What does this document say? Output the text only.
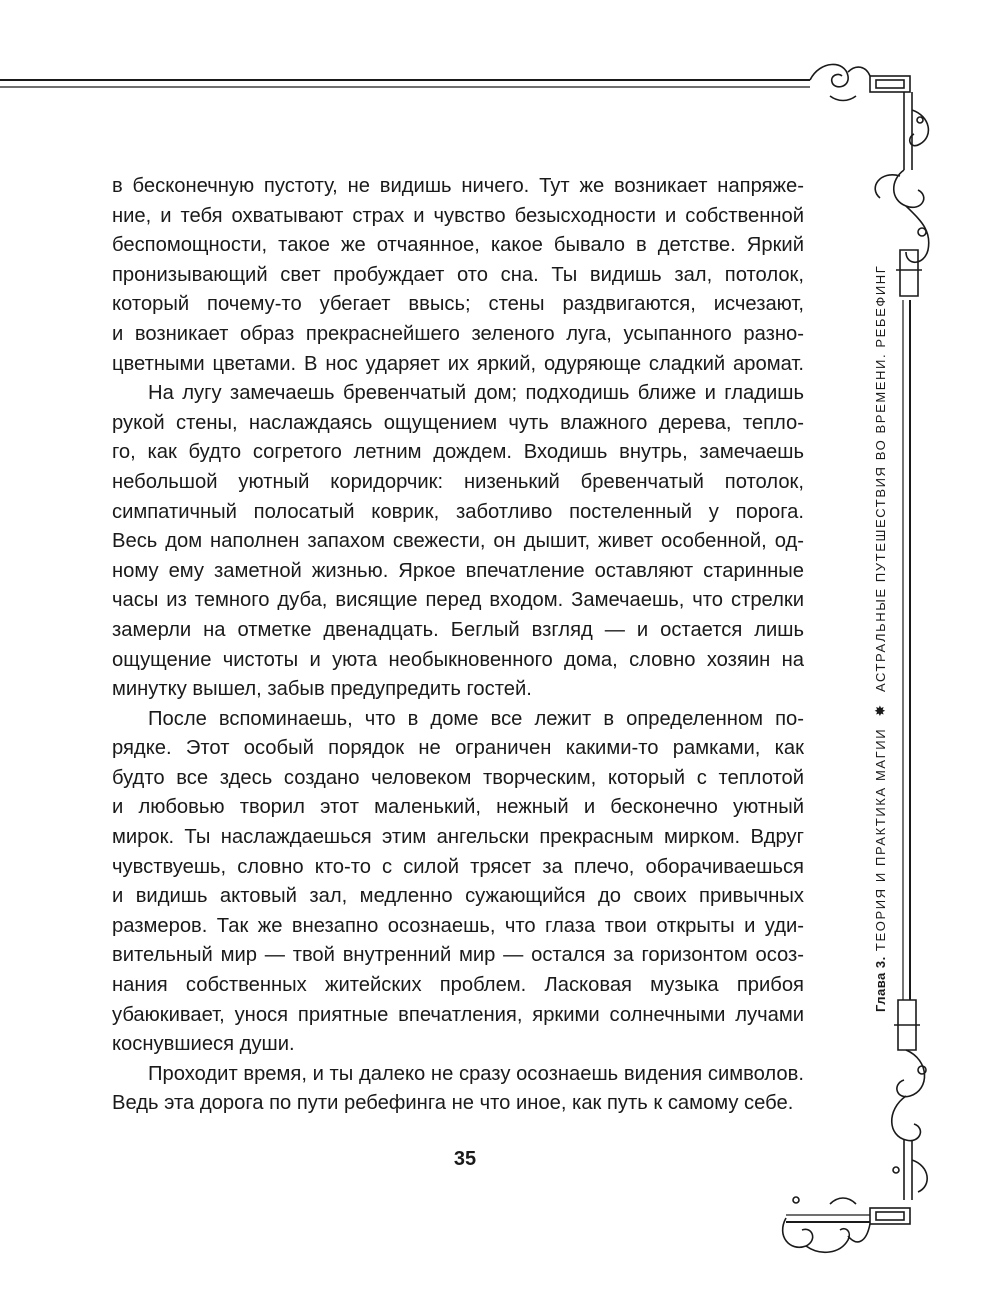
Глава 3. ТЕОРИЯ И ПРАКТИКА МАГИИ ✸ АСТРАЛЬНЫЕ ПУТЕШЕСТВИЯ ВО ВРЕМЕНИ. РЕБЕФИНГ

в бесконечную пустоту, не видишь ничего. Тут же возникает напряже-
ние, и тебя охватывают страх и чувство безысходности и собственной
беспомощности, такое же отчаянное, какое бывало в детстве. Яркий
пронизывающий свет пробуждает ото сна. Ты видишь зал, потолок,
который почему-то убегает ввысь; стены раздвигаются, исчезают,
и возникает образ прекраснейшего зеленого луга, усыпанного разно-
цветными цветами. В нос ударяет их яркий, одуряюще сладкий аромат.

На лугу замечаешь бревенчатый дом; подходишь ближе и гладишь
рукой стены, наслаждаясь ощущением чуть влажного дерева, тепло-
го, как будто согретого летним дождем. Входишь внутрь, замечаешь
небольшой уютный коридорчик: низенький бревенчатый потолок,
симпатичный полосатый коврик, заботливо постеленный у порога.
Весь дом наполнен запахом свежести, он дышит, живет особенной, од-
ному ему заметной жизнью. Яркое впечатление оставляют старинные
часы из темного дуба, висящие перед входом. Замечаешь, что стрелки
замерли на отметке двенадцать. Беглый взгляд — и остается лишь
ощущение чистоты и уюта необыкновенного дома, словно хозяин на
минутку вышел, забыв предупредить гостей.

После вспоминаешь, что в доме все лежит в определенном по-
рядке. Этот особый порядок не ограничен какими-то рамками, как
будто все здесь создано человеком творческим, который с теплотой
и любовью творил этот маленький, нежный и бесконечно уютный
мирок. Ты наслаждаешься этим ангельски прекрасным мирком. Вдруг
чувствуешь, словно кто-то с силой трясет за плечо, оборачиваешься
и видишь актовый зал, медленно сужающийся до своих привычных
размеров. Так же внезапно осознаешь, что глаза твои открыты и уди-
вительный мир — твой внутренний мир — остался за горизонтом осоз-
нания собственных житейских проблем. Ласковая музыка прибоя
убаюкивает, унося приятные впечатления, яркими солнечными лучами
коснувшиеся души.

Проходит время, и ты далеко не сразу осознаешь видения символов.
Ведь эта дорога по пути ребефинга не что иное, как путь к самому себе.

35
